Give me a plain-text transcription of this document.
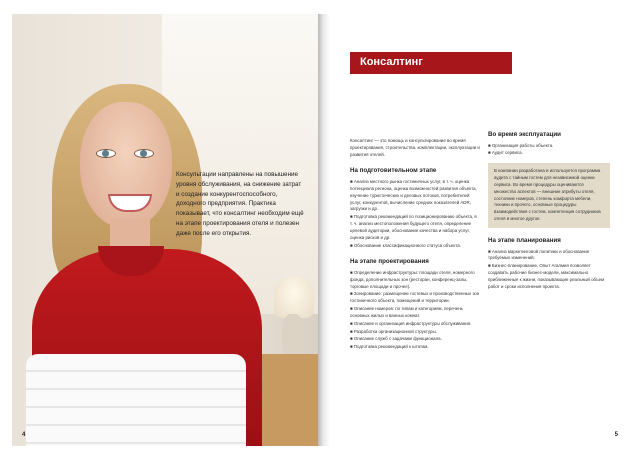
Консультации направлены на повышение уровня обслуживания, на снижение затрат и создание конкурентоспособного, доходного предприятия. Практика показывает, что консалтинг необходим ещё на этапе проектирования отеля и полезен даже после его открытия.
4
Консалтинг
Консалтинг — это помощь и консультирование во время проектирования, строительства, комплектации, эксплуатации и развития отелей.
На подготовительном этапе
■ Анализ местного рынка гостиничных услуг, в т. ч. оценка потенциала региона, оценка возможностей развития объекта, изучение туристических и деловых потоков, потребителей услуг, конкурентов, вычисление средних показателей ADR, загрузки и др.
■ Подготовка рекомендаций по позиционированию объекта, в т. ч. анализ местоположения будущего отеля, определение целевой аудитории, обоснование качества и набора услуг, оценка рисков и др.
■ Обоснование классификационного статуса объекта.
На этапе проектирования
■ Определение инфраструктуры: площади отеля, номерного фонда, дополнительных зон (ресторан, конференц-залы, торговые площади и прочее).
■ Зонирование: размещение гостевых и производственных зон гостиничного объекта, помещений и территории.
■ Описание номеров: по типам и категориям, перечень основных жилых и ванных комнат.
■ Описание и организация инфраструктуры обслуживания.
■ Разработка организационной структуры.
■ Описание служб с задачами функционала.
■ Подготовка рекомендаций к штатам.
Во время эксплуатации
■ Организация работы объекта.
■ Аудит сервиса.
В компании разработана и используется программа аудита с тайным гостем для независимой оценки сервиса. Во время процедуры оцениваются множество аспектов — внешние атрибуты отеля, состояние номеров, степень комфорта мебели, техники и прочего, основные процедуры взаимодействия с гостем, компетенция сотрудников отеля и многое другое.
На этапе планирования
■ Анализ маркетинговой политики и обоснование требуемых изменений.
■ Бизнес-планирование. Опыт Агалмия позволяет создавать рабочие бизнес-модели, максимально приближенные к жизни, показывающие реальный объем работ и сроки исполнения проекта.
5
